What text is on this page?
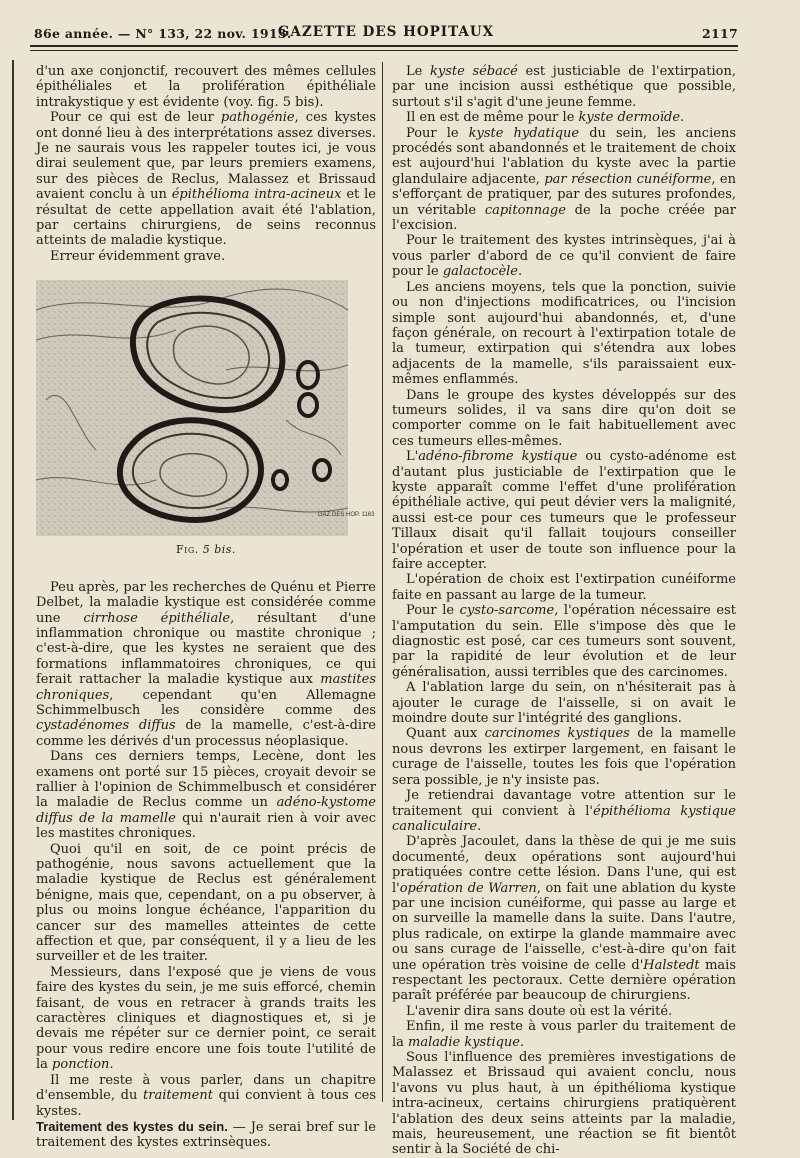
86e année. — N° 133, 22 nov. 1913.
GAZETTE DES HOPITAUX	2117

d'un axe conjonctif, recouvert des mêmes cellules épithéliales et la prolifération épithéliale intrakystique y est évidente (voy. fig. 5 bis).

Pour ce qui est de leur pathogénie, ces kystes ont donné lieu à des interprétations assez diverses. Je ne saurais vous les rappeler toutes ici, je vous dirai seulement que, par leurs premiers examens, sur des pièces de Reclus, Malassez et Brissaud avaient conclu à un épithélioma intra-acineux et le résultat de cette appellation avait été l'ablation, par certains chirurgiens, de seins reconnus atteints de maladie kystique.

Erreur évidemment grave.

GAZ DES HOP. 1163
Fig. 5 bis.

Peu après, par les recherches de Quénu et Pierre Delbet, la maladie kystique est considérée comme une cirrhose épithéliale, résultant d'une inflammation chronique ou mastite chronique ; c'est-à-dire, que les kystes ne seraient que des formations inflammatoires chroniques, ce qui ferait rattacher la maladie kystique aux mastites chroniques, cependant qu'en Allemagne Schimmelbusch les considère comme des cystadénomes diffus de la mamelle, c'est-à-dire comme les dérivés d'un processus néoplasique.

Dans ces derniers temps, Lecène, dont les examens ont porté sur 15 pièces, croyait devoir se rallier à l'opinion de Schimmelbusch et considérer la maladie de Reclus comme un adéno-kystome diffus de la mamelle qui n'aurait rien à voir avec les mastites chroniques.

Quoi qu'il en soit, de ce point précis de pathogénie, nous savons actuellement que la maladie kystique de Reclus est généralement bénigne, mais que, cependant, on a pu observer, à plus ou moins longue échéance, l'apparition du cancer sur des mamelles atteintes de cette affection et que, par conséquent, il y a lieu de les surveiller et de les traiter.

Messieurs, dans l'exposé que je viens de vous faire des kystes du sein, je me suis efforcé, chemin faisant, de vous en retracer à grands traits les caractères cliniques et diagnostiques et, si je devais me répéter sur ce dernier point, ce serait pour vous redire encore une fois toute l'utilité de la ponction.

Il me reste à vous parler, dans un chapitre d'ensemble, du traitement qui convient à tous ces kystes.

Traitement des kystes du sein. — Je serai bref sur le traitement des kystes extrinsèques.

Le kyste sébacé est justiciable de l'extirpation, par une incision aussi esthétique que possible, surtout s'il s'agit d'une jeune femme.

Il en est de même pour le kyste dermoïde.

Pour le kyste hydatique du sein, les anciens procédés sont abandonnés et le traitement de choix est aujourd'hui l'ablation du kyste avec la partie glandulaire adjacente, par résection cunéiforme, en s'efforçant de pratiquer, par des sutures profondes, un véritable capitonnage de la poche créée par l'excision.

Pour le traitement des kystes intrinsèques, j'ai à vous parler d'abord de ce qu'il convient de faire pour le galactocèle.

Les anciens moyens, tels que la ponction, suivie ou non d'injections modificatrices, ou l'incision simple sont aujourd'hui abandonnés, et, d'une façon générale, on recourt à l'extirpation totale de la tumeur, extirpation qui s'étendra aux lobes adjacents de la mamelle, s'ils paraissaient eux-mêmes enflammés.

Dans le groupe des kystes développés sur des tumeurs solides, il va sans dire qu'on doit se comporter comme on le fait habituellement avec ces tumeurs elles-mêmes.

L'adéno-fibrome kystique ou cysto-adénome est d'autant plus justiciable de l'extirpation que le kyste apparaît comme l'effet d'une prolifération épithéliale active, qui peut dévier vers la malignité, aussi est-ce pour ces tumeurs que le professeur Tillaux disait qu'il fallait toujours conseiller l'opération et user de toute son influence pour la faire accepter.

L'opération de choix est l'extirpation cunéiforme faite en passant au large de la tumeur.

Pour le cysto-sarcome, l'opération nécessaire est l'amputation du sein. Elle s'impose dès que le diagnostic est posé, car ces tumeurs sont souvent, par la rapidité de leur évolution et de leur généralisation, aussi terribles que des carcinomes.

A l'ablation large du sein, on n'hésiterait pas à ajouter le curage de l'aisselle, si on avait le moindre doute sur l'intégrité des ganglions.

Quant aux carcinomes kystiques de la mamelle nous devrons les extirper largement, en faisant le curage de l'aisselle, toutes les fois que l'opération sera possible, je n'y insiste pas.

Je retiendrai davantage votre attention sur le traitement qui convient à l'épithélioma kystique canaliculaire.

D'après Jacoulet, dans la thèse de qui je me suis documenté, deux opérations sont aujourd'hui pratiquées contre cette lésion. Dans l'une, qui est l'opération de Warren, on fait une ablation du kyste par une incision cunéiforme, qui passe au large et on surveille la mamelle dans la suite. Dans l'autre, plus radicale, on extirpe la glande mammaire avec ou sans curage de l'aisselle, c'est-à-dire qu'on fait une opération très voisine de celle d'Halstedt mais respectant les pectoraux. Cette dernière opération paraît préférée par beaucoup de chirurgiens.

L'avenir dira sans doute où est la vérité.

Enfin, il me reste à vous parler du traitement de la maladie kystique.

Sous l'influence des premières investigations de Malassez et Brissaud qui avaient conclu, nous l'avons vu plus haut, à un épithélioma kystique intra-acineux, certains chirurgiens pratiquèrent l'ablation des deux seins atteints par la maladie, mais, heureusement, une réaction se fit bientôt sentir à la Société de chi-
